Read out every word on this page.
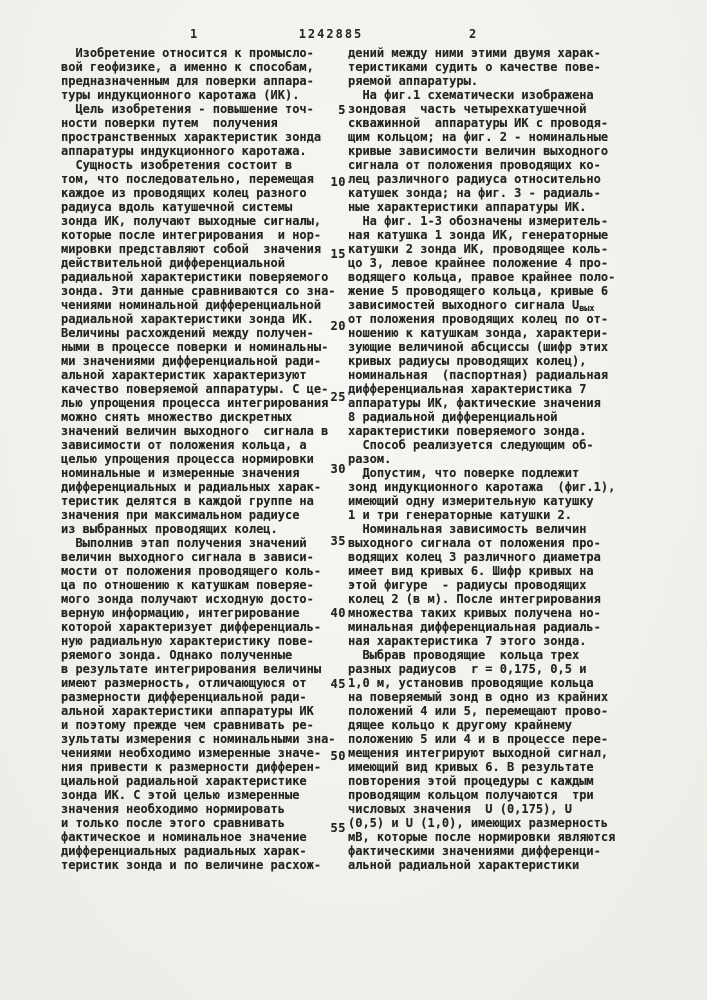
1	1242885	2
Изобретение относится к промысло-
вой геофизике, а именно к способам,
предназначенным для поверки аппара-
туры индукционного каротажа (ИК).
Цель изобретения - повышение точ-
ности поверки путем  получения
пространственных характеристик зонда
аппаратуры индукционного каротажа.
Сущность изобретения состоит в
том, что последовательно, перемещая
каждое из проводящих колец разного
радиуса вдоль катушечной системы
зонда ИК, получают выходные сигналы,
которые после интегрирования  и нор-
мировки представляют собой  значения
действительной дифференциальной
радиальной характеристики поверяемого
зонда. Эти данные сравниваются со зна-
чениями номинальной дифференциальной
радиальной характеристики зонда ИК.
Величины расхождений между получен-
ными в процессе поверки и номинальны-
ми значениями дифференциальной ради-
альной характеристик характеризуют
качество поверяемой аппаратуры. С це-
лью упрощения процесса интегрирования
можно снять множество дискретных
значений величин выходного  сигнала в
зависимости от положения кольца, а
целью упрощения процесса нормировки
номинальные и измеренные значения
дифференциальных и радиальных харак-
теристик делятся в каждой группе на
значения при максимальном радиусе
из выбранных проводящих колец.
Выполнив этап получения значений
величин выходного сигнала в зависи-
мости от положения проводящего коль-
ца по отношению к катушкам поверяе-
мого зонда получают исходную досто-
верную информацию, интегрирование
которой характеризует дифференциаль-
ную радиальную характеристику пове-
ряемого зонда. Однако полученные
в результате интегрирования величины
имеют размерность, отличающуюся от
размерности дифференциальной ради-
альной характеристики аппаратуры ИК
и поэтому прежде чем сравнивать ре-
зультаты измерения с номинальными зна-
чениями необходимо измеренные значе-
ния привести к размерности дифферен-
циальной радиальной характеристике
зонда ИК. С этой целью измеренные
значения необходимо нормировать
и только после этого сравнивать
фактическое и номинальное значение
дифференциальных радиальных харак-
теристик зонда и по величине расхож-
5
10
15
20
25
30
35
40
45
50
55
дений между ними этими двумя харак-
теристиками судить о качестве пове-
ряемой аппаратуры.
На фиг.1 схематически изображена
зондовая  часть четырехкатушечной
скважинной  аппаратуры ИК с проводя-
щим кольцом; на фиг. 2 - номинальные
кривые зависимости величин выходного
сигнала от положения проводящих ко-
лец различного радиуса относительно
катушек зонда; на фиг. 3 - радиаль-
ные характеристики аппаратуры ИК.
На фиг. 1-3 обозначены измеритель-
ная катушка 1 зонда ИК, генераторные
катушки 2 зонда ИК, проводящее коль-
цо 3, левое крайнее положение 4 про-
водящего кольца, правое крайнее поло-
жение 5 проводящего кольца, кривые 6
зависимостей выходного сигнала $U_{вых}$
от положения проводящих колец по от-
ношению к катушкам зонда, характери-
зующие величиной абсциссы (шифр этих
кривых радиусы проводящих колец),
номинальная  (паспортная) радиальная
дифференциальная характеристика 7
аппаратуры ИК, фактические значения
8 радиальной дифференциальной
характеристики поверяемого зонда.
Способ реализуется следующим об-
разом.
Допустим, что поверке подлежит
зонд индукционного каротажа  (фиг.1),
имеющий одну измерительную катушку
1 и три генераторные катушки 2.
Номинальная зависимость величин
выходного сигнала от положения про-
водящих колец 3 различного диаметра
имеет вид кривых 6. Шифр кривых на
этой фигуре  - радиусы проводящих
колец 2 (в м). После интегрирования
множества таких кривых получена но-
минальная дифференциальная радиаль-
ная характеристика 7 этого зонда.
Выбрав проводящие  кольца трех
разных радиусов  r = 0,175, 0,5 и
1,0 м, установив проводящие кольца
на поверяемый зонд в одно из крайних
положений 4 или 5, перемещают прово-
дящее кольцо к другому крайнему
положению 5 или 4 и в процессе пере-
мещения интегрируют выходной сигнал,
имеющий вид кривых 6. В результате
повторения этой процедуры с каждым
проводящим кольцом получаются  три
числовых значения  U (0,175), U
(0,5) и U (1,0), имеющих размерность
мВ, которые после нормировки являются
фактическими значениями дифференци-
альной радиальной характеристики
